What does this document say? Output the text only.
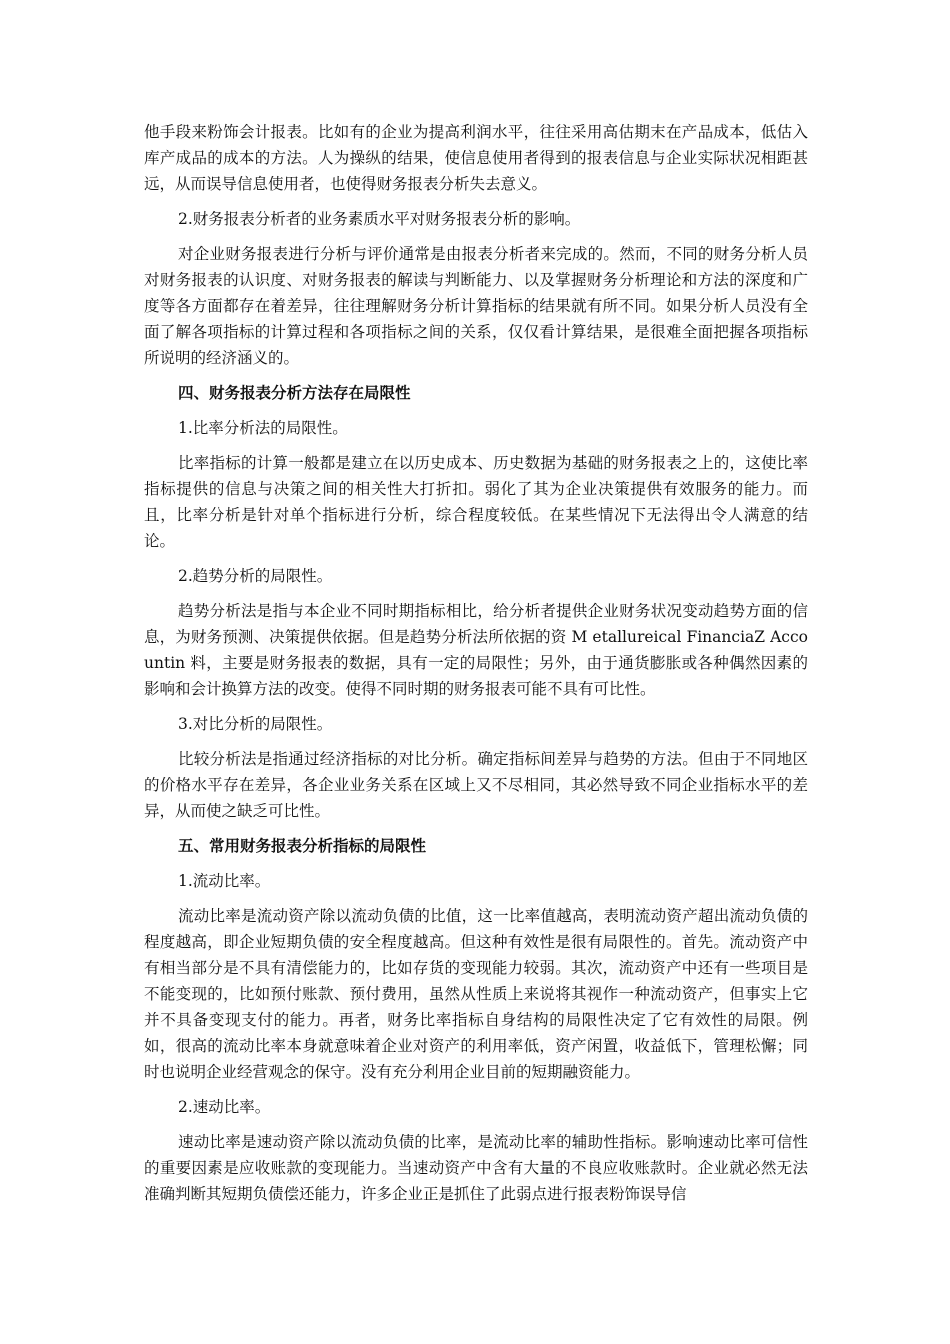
他手段来粉饰会计报表。比如有的企业为提高利润水平，往往采用高估期末在产品成本，低估入库产成品的成本的方法。人为操纵的结果，使信息使用者得到的报表信息与企业实际状况相距甚远，从而误导信息使用者，也使得财务报表分析失去意义。

2.财务报表分析者的业务素质水平对财务报表分析的影响。

对企业财务报表进行分析与评价通常是由报表分析者来完成的。然而，不同的财务分析人员对财务报表的认识度、对财务报表的解读与判断能力、以及掌握财务分析理论和方法的深度和广度等各方面都存在着差异，往往理解财务分析计算指标的结果就有所不同。如果分析人员没有全面了解各项指标的计算过程和各项指标之间的关系，仅仅看计算结果，是很难全面把握各项指标所说明的经济涵义的。

四、财务报表分析方法存在局限性

1.比率分析法的局限性。

比率指标的计算一般都是建立在以历史成本、历史数据为基础的财务报表之上的，这使比率指标提供的信息与决策之间的相关性大打折扣。弱化了其为企业决策提供有效服务的能力。而且，比率分析是针对单个指标进行分析，综合程度较低。在某些情况下无法得出令人满意的结论。

2.趋势分析的局限性。

趋势分析法是指与本企业不同时期指标相比，给分析者提供企业财务状况变动趋势方面的信息，为财务预测、决策提供依据。但是趋势分析法所依据的资 M etallureical FinanciaZ Accountin 料，主要是财务报表的数据，具有一定的局限性；另外，由于通货膨胀或各种偶然因素的影响和会计换算方法的改变。使得不同时期的财务报表可能不具有可比性。

3.对比分析的局限性。

比较分析法是指通过经济指标的对比分析。确定指标间差异与趋势的方法。但由于不同地区的价格水平存在差异，各企业业务关系在区域上又不尽相同，其必然导致不同企业指标水平的差异，从而使之缺乏可比性。

五、常用财务报表分析指标的局限性

1.流动比率。

流动比率是流动资产除以流动负债的比值，这一比率值越高，表明流动资产超出流动负债的程度越高，即企业短期负债的安全程度越高。但这种有效性是很有局限性的。首先。流动资产中有相当部分是不具有清偿能力的，比如存货的变现能力较弱。其次，流动资产中还有一些项目是不能变现的，比如预付账款、预付费用，虽然从性质上来说将其视作一种流动资产，但事实上它并不具备变现支付的能力。再者，财务比率指标自身结构的局限性决定了它有效性的局限。例如，很高的流动比率本身就意味着企业对资产的利用率低，资产闲置，收益低下，管理松懈；同时也说明企业经营观念的保守。没有充分利用企业目前的短期融资能力。

2.速动比率。

速动比率是速动资产除以流动负债的比率，是流动比率的辅助性指标。影响速动比率可信性的重要因素是应收账款的变现能力。当速动资产中含有大量的不良应收账款时。企业就必然无法准确判断其短期负债偿还能力，许多企业正是抓住了此弱点进行报表粉饰误导信
